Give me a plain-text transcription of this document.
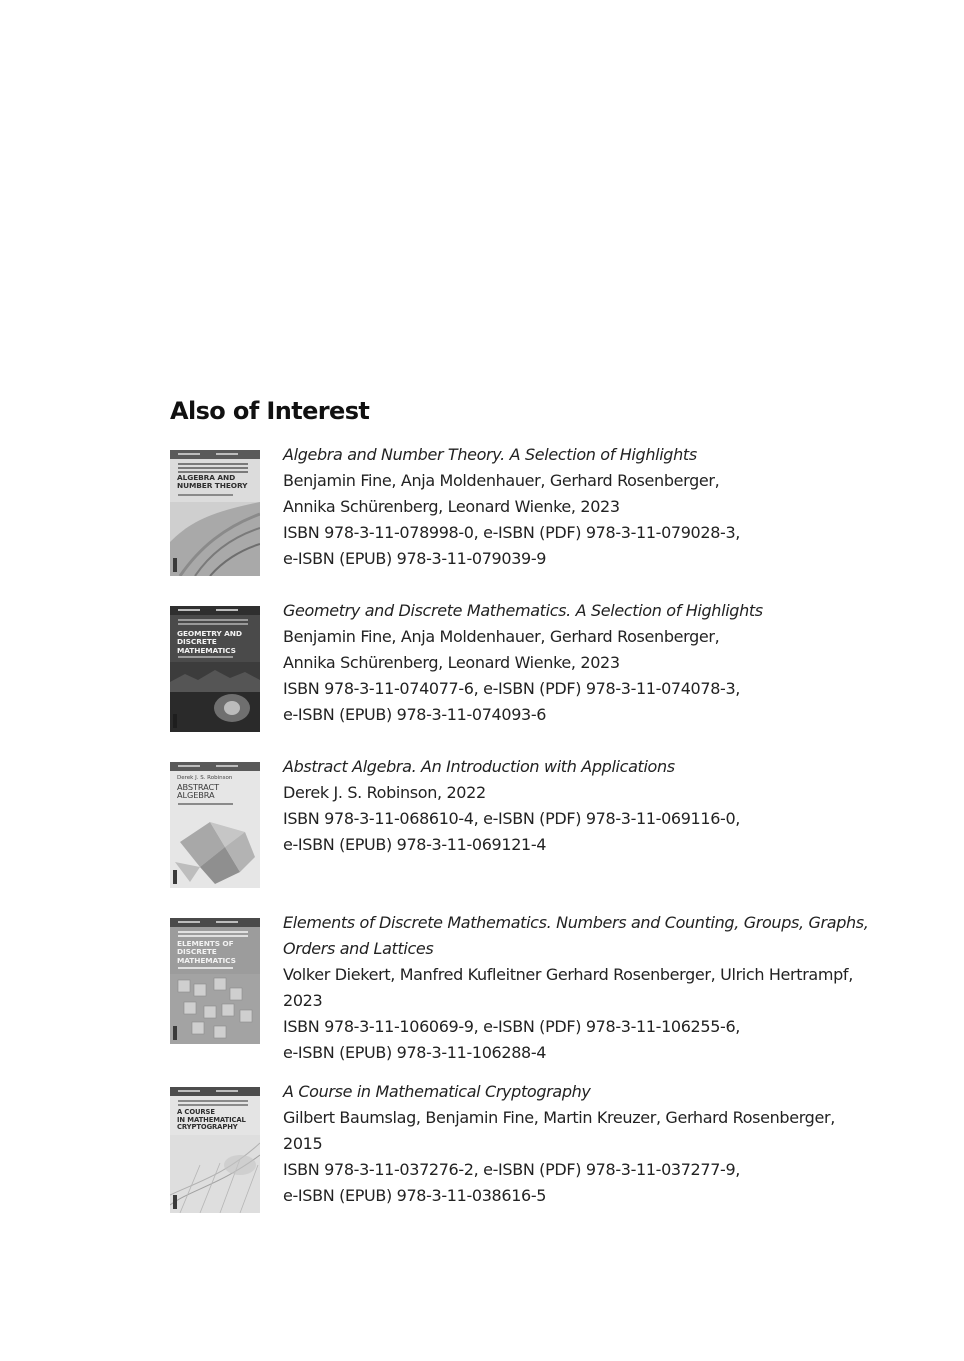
Also of Interest
ALGEBRA AND
NUMBER THEORY
Algebra and Number Theory. A Selection of Highlights
Benjamin Fine, Anja Moldenhauer, Gerhard Rosenberger,
Annika Schürenberg, Leonard Wienke, 2023
ISBN 978-3-11-078998-0, e-ISBN (PDF) 978-3-11-079028-3,
e-ISBN (EPUB) 978-3-11-079039-9
GEOMETRY AND
DISCRETE
MATHEMATICS
Geometry and Discrete Mathematics. A Selection of Highlights
Benjamin Fine, Anja Moldenhauer, Gerhard Rosenberger,
Annika Schürenberg, Leonard Wienke, 2023
ISBN 978-3-11-074077-6, e-ISBN (PDF) 978-3-11-074078-3,
e-ISBN (EPUB) 978-3-11-074093-6
Derek J. S. Robinson
ABSTRACT
ALGEBRA
Abstract Algebra. An Introduction with Applications
Derek J. S. Robinson, 2022
ISBN 978-3-11-068610-4, e-ISBN (PDF) 978-3-11-069116-0,
e-ISBN (EPUB) 978-3-11-069121-4
ELEMENTS OF
DISCRETE
MATHEMATICS
Elements of Discrete Mathematics. Numbers and Counting, Groups, Graphs,
Orders and Lattices
Volker Diekert, Manfred Kufleitner Gerhard Rosenberger, Ulrich Hertrampf,
2023
ISBN 978-3-11-106069-9, e-ISBN (PDF) 978-3-11-106255-6,
e-ISBN (EPUB) 978-3-11-106288-4
A COURSE
IN MATHEMATICAL
CRYPTOGRAPHY
A Course in Mathematical Cryptography
Gilbert Baumslag, Benjamin Fine, Martin Kreuzer, Gerhard Rosenberger,
2015
ISBN 978-3-11-037276-2, e-ISBN (PDF) 978-3-11-037277-9,
e-ISBN (EPUB) 978-3-11-038616-5
